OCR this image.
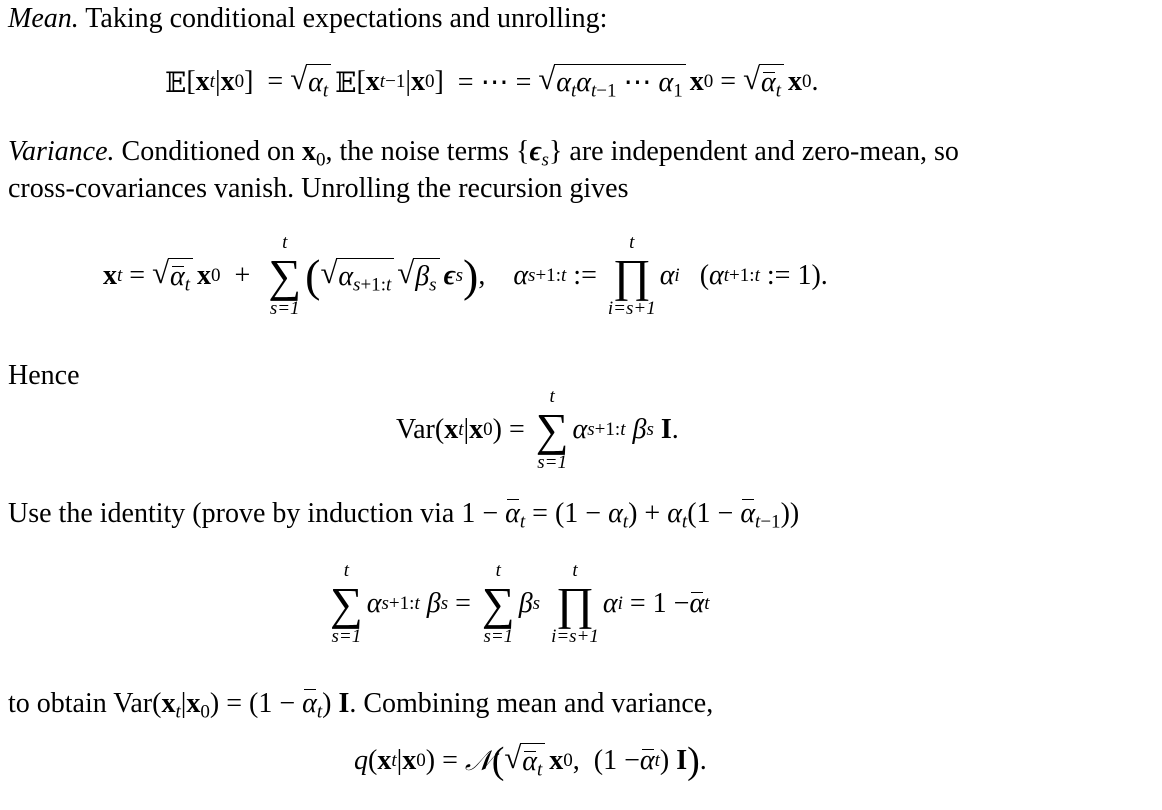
Mean. Taking conditional expectations and unrolling:
𝔼 [ x t | x 0 ]  = √ $\alpha_t$ 𝔼 [ x t−1 | x 0 ] = ⋯ =
√ $\alpha_t\alpha_{t-1}$ ⋯ $\alpha_1$ x 0 = √ $\alpha_t$ x 0 .
Variance. Conditioned on $x_0$, the noise terms $\{\epsilon_s\}$ are independent and zero-mean, so
cross-covariances vanish. Unrolling the recursion gives
x t = √ $\alpha_t$ x 0 +
t
∑
s=1
( √ $\alpha_{s+1:t}$ √ $\beta_s$ ϵ s ) , α s+1:t
:=

t
∏
i=s+1
α i ( α t+1:t := 1).
Hence
Var ( x t | x 0 ) =
t
∑
s=1
α s+1:t
β s
I .
Use the identity (prove by induction via $1 - \alpha_t = (1 - \alpha_t) + \alpha_t(1 - \alpha_{t-1})$)
t
∑
s=1
α s+1:t
β s =
t
∑
s=1
β s

t
∏
i=s+1
α i = 1 − α t
to obtain $Var(x_t|x_0) = (1 - \alpha_t)$ I. Combining mean and variance,
q ( x t | x 0 ) = 𝒩 ( √ $\alpha_t$ x 0 ,  (1 − α t ) I ) .
